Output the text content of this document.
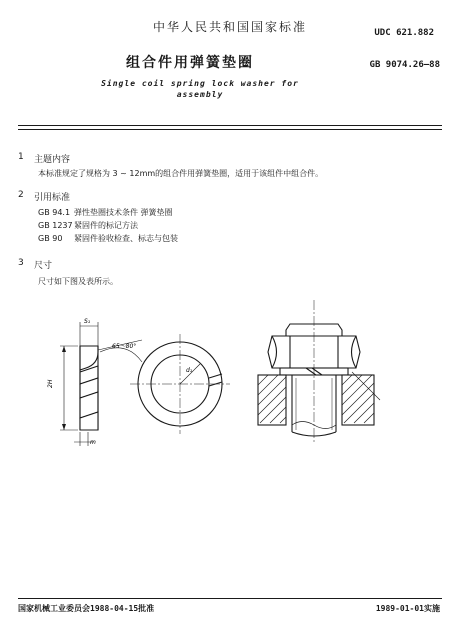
中华人民共和国国家标准	UDC 621.882
组合件用弹簧垫圈	GB 9074.26—88
Single coil spring lock washer for
assembly
1 主题内容
本标准规定了规格为 3 ~ 12mm的组合件用弹簧垫圈，适用于该组件中组合件。
2 引用标准
GB 94.1 弹性垫圈技术条件 弹簧垫圈
GB 1237紧固件的标记方法
GB 90 紧固件验收检查、标志与包装
3 尺寸
尺寸如下图及表所示。
S₁
65～80°
2H
m
d₁
国家机械工业委员会1988-04-15批准	1989-01-01实施
